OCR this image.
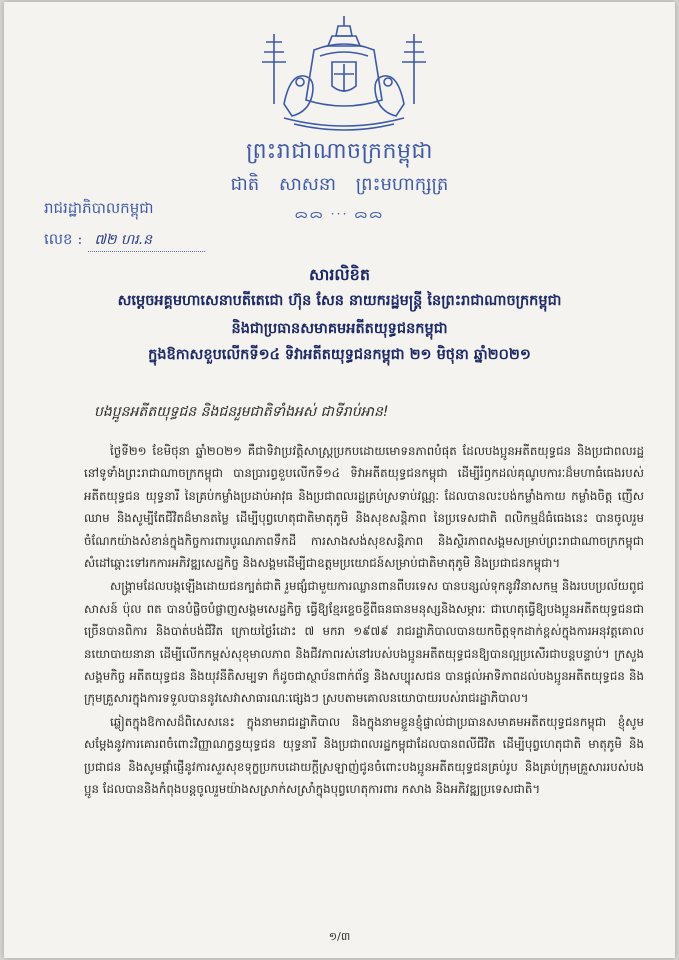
ព្រះរាជាណាចក្រកម្ពុជា
ជាតិ សាសនា ព្រះមហាក្សត្រ
ᯅᯅ ⋅·⋅ ᯅᯅ
រាជរដ្ឋាភិបាលកម្ពុជា
លេខ : ៧២ ហរ.ន
សារលិខិត
សម្តេចអគ្គមហាសេនាបតីតេជោ ហ៊ុន សែន នាយករដ្ឋមន្ត្រី នៃព្រះរាជាណាចក្រកម្ពុជា
និងជាប្រធានសមាគមអតីតយុទ្ធជនកម្ពុជា
ក្នុងឱកាសខួបលើកទី១៤ ទិវាអតីតយុទ្ធជនកម្ពុជា ២១ មិថុនា ឆ្នាំ២០២១
បងប្អូនអតីតយុទ្ធជន និងជនរួមជាតិទាំងអស់ ជាទីរាប់អាន!

ថ្ងៃទី២១ ខែមិថុនា ឆ្នាំ២០២១ គឺជាទិវាប្រវត្តិសាស្ត្រប្រកបដោយមោទនភាពបំផុត ដែលបងប្អូនអតីតយុទ្ធជន និងប្រជាពលរដ្ឋនៅទូទាំងព្រះរាជាណាចក្រកម្ពុជា បានប្រារព្ធខួបលើកទី១៤ ទិវាអតីតយុទ្ធជនកម្ពុជា ដើម្បីរំឭកដល់គុណូបការៈដ៏មហាធំធេងរបស់អតីតយុទ្ធជន យុទ្ធនារី នៃគ្រប់កម្លាំងប្រដាប់អាវុធ និងប្រជាពលរដ្ឋគ្រប់ស្រទាប់វណ្ណៈ ដែលបានលះបង់កម្លាំងកាយ កម្លាំងចិត្ត ញើស ឈាម និងសូម្បីតែជីវិតដ៏មានតម្លៃ ដើម្បីបុព្វហេតុជាតិមាតុភូមិ និងសុខសន្តិភាព នៃប្រទេសជាតិ ពលិកម្មដ៏ធំធេងនេះ បានចូលរួមចំណែកយ៉ាងសំខាន់ក្នុងកិច្ចការពារបូរណភាពទឹកដី ការសាងសង់សុខសន្តិភាព និងស្ថិរភាពសង្គមសម្រាប់ព្រះរាជាណាចក្រកម្ពុជា សំដៅឆ្ពោះទៅរកការអភិវឌ្ឍសេដ្ឋកិច្ច និងសង្គមដើម្បីជាឧត្តមប្រយោជន៍សម្រាប់ជាតិមាតុភូមិ និងប្រជាជនកម្ពុជា។

សង្គ្រាមដែលបង្កឡើងដោយជនក្បត់ជាតិ រួមផ្សំជាមួយការឈ្លានពានពីបរទេស បានបន្សល់ទុកនូវវិនាសកម្ម និងរបបប្រល័យពូជសាសន៍ ប៉ុល ពត បានបំផ្លិចបំផ្លាញសង្គមសេដ្ឋកិច្ច ធ្វើឱ្យខ្មែរខ្ទេចខ្ទីពីធនធានមនុស្សនិងសម្ភារៈ ជាហេតុធ្វើឱ្យបងប្អូនអតីតយុទ្ធជនជាច្រើនបានពិការ និងបាត់បង់ជីវិត ក្រោយថ្ងៃរំដោះ ៧ មករា ១៩៧៩ រាជរដ្ឋាភិបាលបានយកចិត្តទុកដាក់ខ្ពស់ក្នុងការអនុវត្តគោលនយោបាយនានា ដើម្បីលើកកម្ពស់សុខុមាលភាព និងជីវភាពរស់នៅរបស់បងប្អូនអតីតយុទ្ធជនឱ្យបានល្អប្រសើរជាបន្តបន្ទាប់។ ក្រសួងសង្គមកិច្ច អតីតយុទ្ធជន និងយុវនីតិសម្បទា ក៏ដូចជាស្ថាប័នពាក់ព័ន្ធ និងសប្បុរសជន បានផ្តល់អាទិភាពដល់បងប្អូនអតីតយុទ្ធជន និងក្រុមគ្រួសារក្នុងការទទួលបាននូវសេវាសាធារណៈផ្សេងៗ ស្របតាមគោលនយោបាយរបស់រាជរដ្ឋាភិបាល។

ឆ្លៀតក្នុងឱកាសដ៏ពិសេសនេះ ក្នុងនាមរាជរដ្ឋាភិបាល និងក្នុងនាមខ្លួនខ្ញុំផ្ទាល់ជាប្រធានសមាគមអតីតយុទ្ធជនកម្ពុជា ខ្ញុំសូមសម្តែងនូវការគោរពចំពោះវិញ្ញាណក្ខន្ធយុទ្ធជន យុទ្ធនារី និងប្រជាពលរដ្ឋកម្ពុជាដែលបានពលីជីវិត ដើម្បីបុព្វហេតុជាតិ មាតុភូមិ និងប្រជាជន និងសូមផ្តាំផ្ញើនូវការសួរសុខទុក្ខប្រកបដោយក្តីស្រឡាញ់ជូនចំពោះបងប្អូនអតីតយុទ្ធជនគ្រប់រូប និងគ្រប់ក្រុមគ្រួសាររបស់បងប្អូន ដែលបាននិងកំពុងបន្តចូលរួមយ៉ាងសស្រាក់សស្រាំក្នុងបុព្វហេតុការពារ កសាង និងអភិវឌ្ឍប្រទេសជាតិ។

១/៣
